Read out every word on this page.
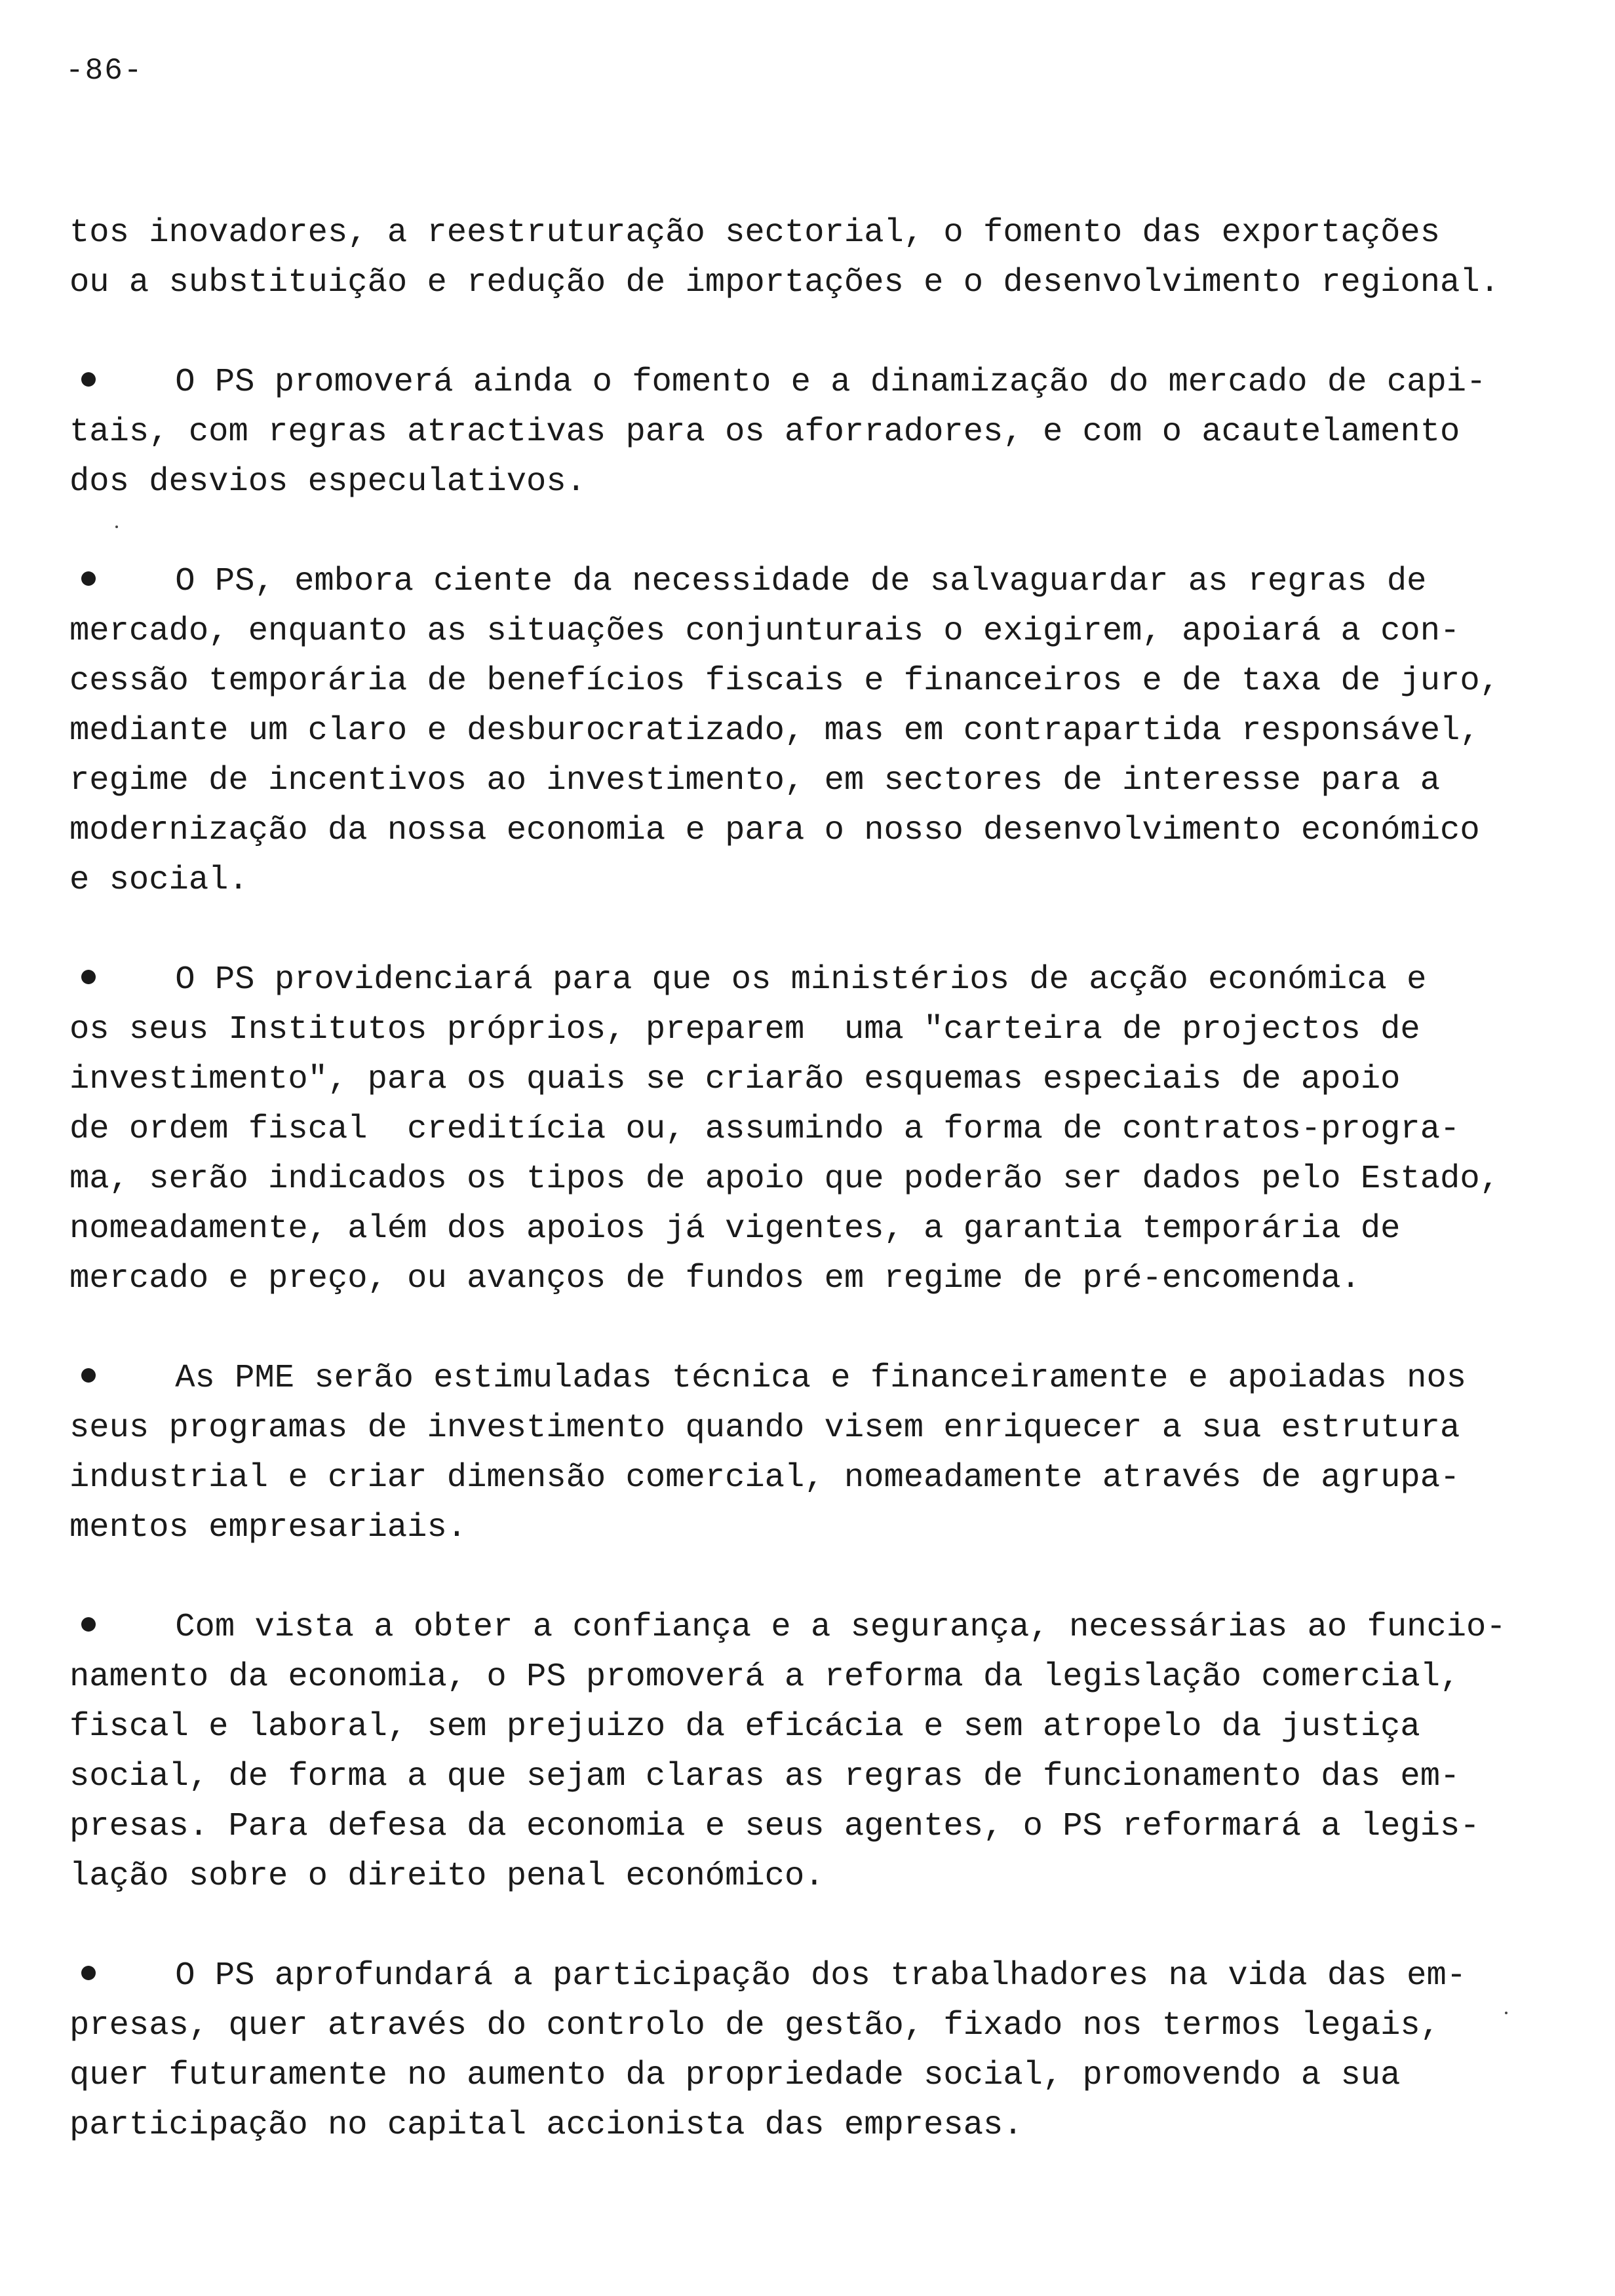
-86-

tos inovadores, a reestruturação sectorial, o fomento das exportações
ou a substituição e redução de importações e o desenvolvimento regional.

O PS promoverá ainda o fomento e a dinamização do mercado de capi-
tais, com regras atractivas para os aforradores, e com o acautelamento
dos desvios especulativos.

O PS, embora ciente da necessidade de salvaguardar as regras de
mercado, enquanto as situações conjunturais o exigirem, apoiará a con-
cessão temporária de benefícios fiscais e financeiros e de taxa de juro,
mediante um claro e desburocratizado, mas em contrapartida responsável,
regime de incentivos ao investimento, em sectores de interesse para a
modernização da nossa economia e para o nosso desenvolvimento económico
e social.

O PS providenciará para que os ministérios de acção económica e
os seus Institutos próprios, preparem  uma "carteira de projectos de
investimento", para os quais se criarão esquemas especiais de apoio
de ordem fiscal  creditícia ou, assumindo a forma de contratos-progra-
ma, serão indicados os tipos de apoio que poderão ser dados pelo Estado,
nomeadamente, além dos apoios já vigentes, a garantia temporária de
mercado e preço, ou avanços de fundos em regime de pré-encomenda.

As PME serão estimuladas técnica e financeiramente e apoiadas nos
seus programas de investimento quando visem enriquecer a sua estrutura
industrial e criar dimensão comercial, nomeadamente através de agrupa-
mentos empresariais.

Com vista a obter a confiança e a segurança, necessárias ao funcio-
namento da economia, o PS promoverá a reforma da legislação comercial,
fiscal e laboral, sem prejuizo da eficácia e sem atropelo da justiça
social, de forma a que sejam claras as regras de funcionamento das em-
presas. Para defesa da economia e seus agentes, o PS reformará a legis-
lação sobre o direito penal económico.

O PS aprofundará a participação dos trabalhadores na vida das em-
presas, quer através do controlo de gestão, fixado nos termos legais,
quer futuramente no aumento da propriedade social, promovendo a sua
participação no capital accionista das empresas.
